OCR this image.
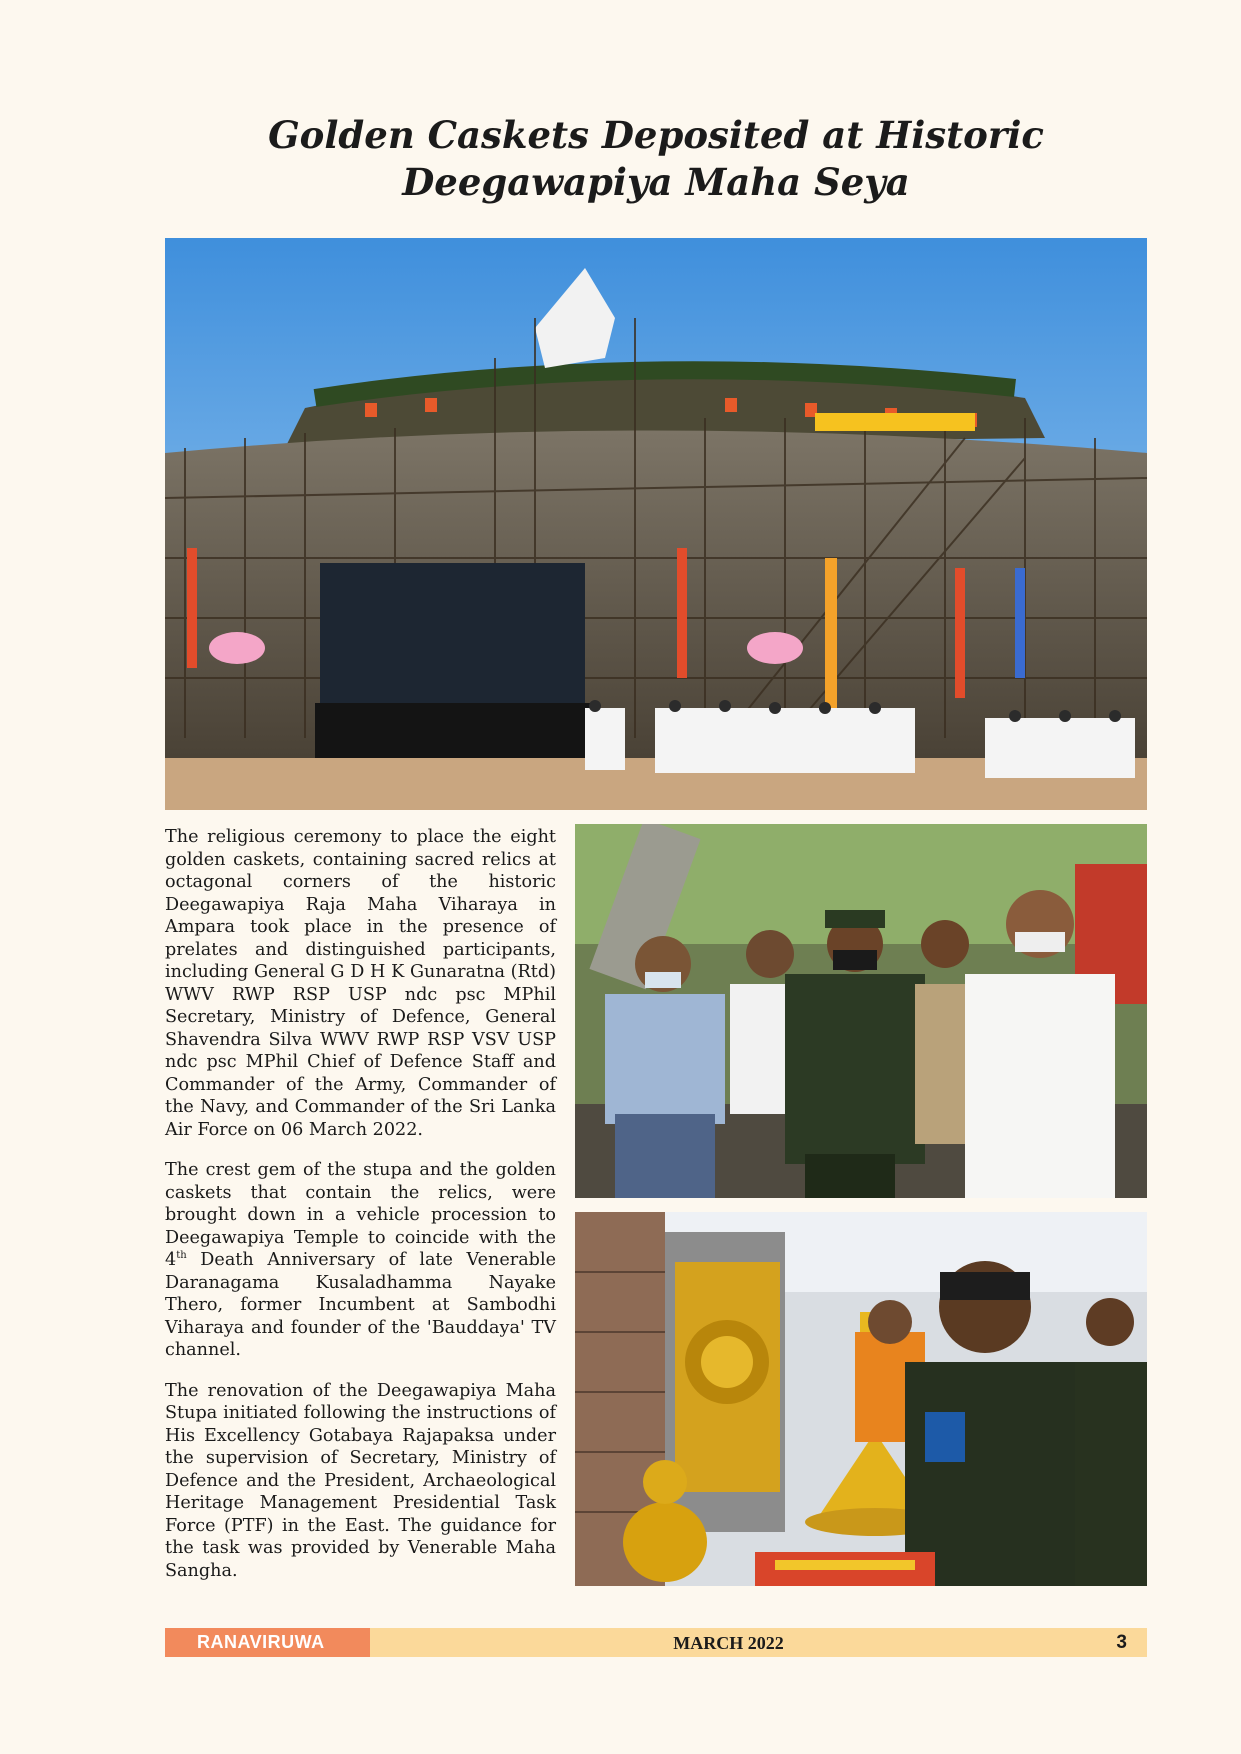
Golden Caskets Deposited at Historic Deegawapiya Maha Seya

The religious ceremony to place the eight golden caskets, containing sacred relics at octagonal corners of the historic Deegawapiya Raja Maha Viharaya in Ampara took place in the presence of prelates and distinguished participants, including General G D H K Gunaratna (Rtd) WWV RWP RSP USP ndc psc MPhil Secretary, Ministry of Defence, General Shavendra Silva WWV RWP RSP VSV USP ndc psc MPhil Chief of Defence Staff and Commander of the Army, Commander of the Navy, and Commander of the Sri Lanka Air Force on 06 March 2022.

The crest gem of the stupa and the golden caskets that contain the relics, were brought down in a vehicle procession to Deegawapiya Temple to coincide with the 4th Death Anniversary of late Venerable Daranagama Kusaladhamma Nayake Thero, former Incumbent at Sambodhi Viharaya and founder of the 'Bauddaya' TV channel.

The renovation of the Deegawapiya Maha Stupa initiated following the instructions of His Excellency Gotabaya Rajapaksa under the supervision of Secretary, Ministry of Defence and the President, Archaeological Heritage Management Presidential Task Force (PTF) in the East. The guidance for the task was provided by Venerable Maha Sangha.

RANAVIRUWA	MARCH 2022	3
